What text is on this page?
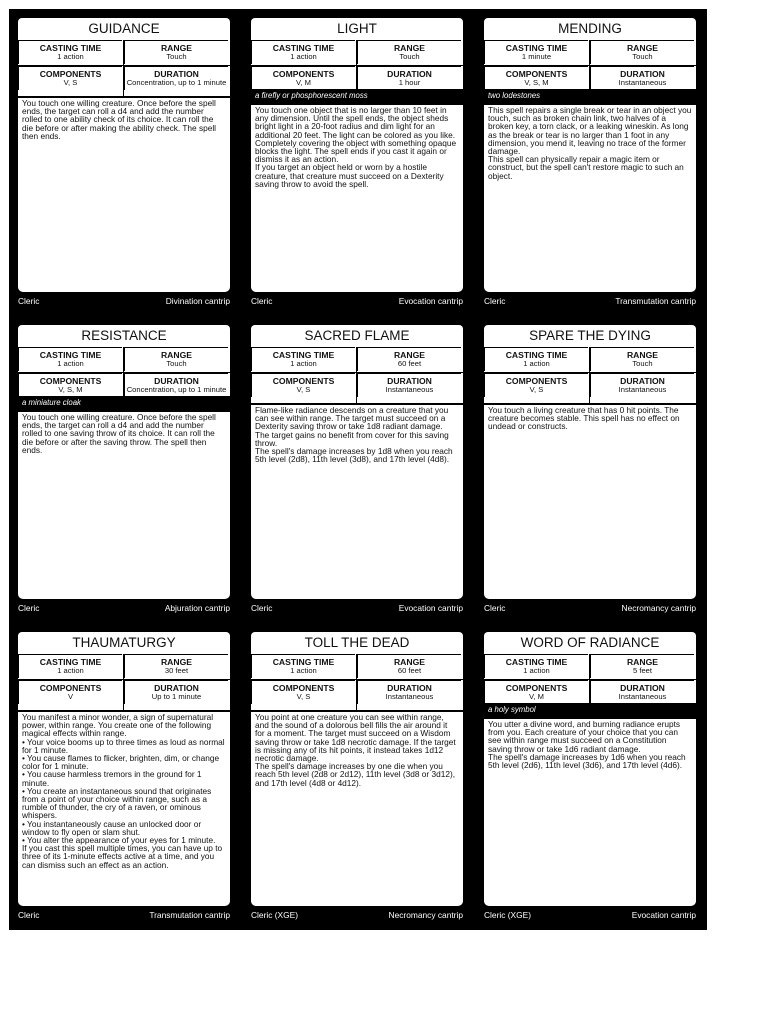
GUIDANCE
CASTING TIME
1 action
RANGE
Touch
COMPONENTS
V, S
DURATION
Concentration, up to 1 minute

You touch one willing creature. Once before the spell ends, the target can roll a d4 and add the number rolled to one ability check of its choice. It can roll the die before or after making the ability check. The spell then ends.

Cleric	Divination cantrip
LIGHT
CASTING TIME
1 action
RANGE
Touch
COMPONENTS
V, M
DURATION
1 hour
a firefly or phosphorescent moss

You touch one object that is no larger than 10 feet in any dimension. Until the spell ends, the object sheds bright light in a 20-foot radius and dim light for an additional 20 feet. The light can be colored as you like. Completely covering the object with something opaque blocks the light. The spell ends if you cast it again or dismiss it as an action.

If you target an object held or worn by a hostile creature, that creature must succeed on a Dexterity saving throw to avoid the spell.

Cleric	Evocation cantrip
MENDING
CASTING TIME
1 minute
RANGE
Touch
COMPONENTS
V, S, M
DURATION
Instantaneous
two lodestones

This spell repairs a single break or tear in an object you touch, such as broken chain link, two halves of a broken key, a torn clack, or a leaking wineskin. As long as the break or tear is no larger than 1 foot in any dimension, you mend it, leaving no trace of the former damage.

This spell can physically repair a magic item or construct, but the spell can't restore magic to such an object.

Cleric	Transmutation cantrip
RESISTANCE
CASTING TIME
1 action
RANGE
Touch
COMPONENTS
V, S, M
DURATION
Concentration, up to 1 minute
a miniature cloak

You touch one willing creature. Once before the spell ends, the target can roll a d4 and add the number rolled to one saving throw of its choice. It can roll the die before or after the saving throw. The spell then ends.

Cleric	Abjuration cantrip
SACRED FLAME
CASTING TIME
1 action
RANGE
60 feet
COMPONENTS
V, S
DURATION
Instantaneous

Flame-like radiance descends on a creature that you can see within range. The target must succeed on a Dexterity saving throw or take 1d8 radiant damage. The target gains no benefit from cover for this saving throw.

The spell's damage increases by 1d8 when you reach 5th level (2d8), 11th level (3d8), and 17th level (4d8).

Cleric	Evocation cantrip
SPARE THE DYING
CASTING TIME
1 action
RANGE
Touch
COMPONENTS
V, S
DURATION
Instantaneous

You touch a living creature that has 0 hit points. The creature becomes stable. This spell has no effect on undead or constructs.

Cleric	Necromancy cantrip
THAUMATURGY
CASTING TIME
1 action
RANGE
30 feet
COMPONENTS
V
DURATION
Up to 1 minute

You manifest a minor wonder, a sign of supernatural power, within range. You create one of the following magical effects within range.

• Your voice booms up to three times as loud as normal for 1 minute.

• You cause flames to flicker, brighten, dim, or change color for 1 minute.

• You cause harmless tremors in the ground for 1 minute.

• You create an instantaneous sound that originates from a point of your choice within range, such as a rumble of thunder, the cry of a raven, or ominous whispers.

• You instantaneously cause an unlocked door or window to fly open or slam shut.

• You alter the appearance of your eyes for 1 minute.

If you cast this spell multiple times, you can have up to three of its 1-minute effects active at a time, and you can dismiss such an effect as an action.

Cleric	Transmutation cantrip
TOLL THE DEAD
CASTING TIME
1 action
RANGE
60 feet
COMPONENTS
V, S
DURATION
Instantaneous

You point at one creature you can see within range, and the sound of a dolorous bell fills the air around it for a moment. The target must succeed on a Wisdom saving throw or take 1d8 necrotic damage. If the target is missing any of its hit points, it instead takes 1d12 necrotic damage.

The spell's damage increases by one die when you reach 5th level (2d8 or 2d12), 11th level (3d8 or 3d12), and 17th level (4d8 or 4d12).

Cleric (XGE)	Necromancy cantrip
WORD OF RADIANCE
CASTING TIME
1 action
RANGE
5 feet
COMPONENTS
V, M
DURATION
Instantaneous
a holy symbol

You utter a divine word, and burning radiance erupts from you. Each creature of your choice that you can see within range must succeed on a Constitution saving throw or take 1d6 radiant damage.

The spell's damage increases by 1d6 when you reach 5th level (2d6), 11th level (3d6), and 17th level (4d6).

Cleric (XGE)	Evocation cantrip
